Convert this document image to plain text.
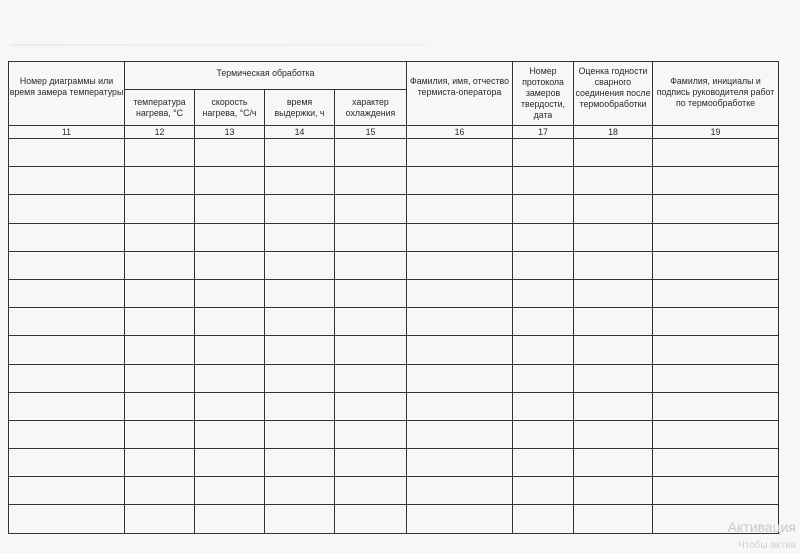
Номер диаграммы или время замера температуры	Термическая обработка				Фамилия, имя, отчество термиста-оператора	Номер протокола замеров твердости, дата	Оценка годности сварного соединения после термообработки	Фамилия, инициалы и подпись руководителя работ по термообработке
	температура нагрева, °С	скорость нагрева, °С/ч	время выдержки, ч	характер охлаждения				
11	12	13	14	15	16	17	18	19

Активация
Чтобы актив
